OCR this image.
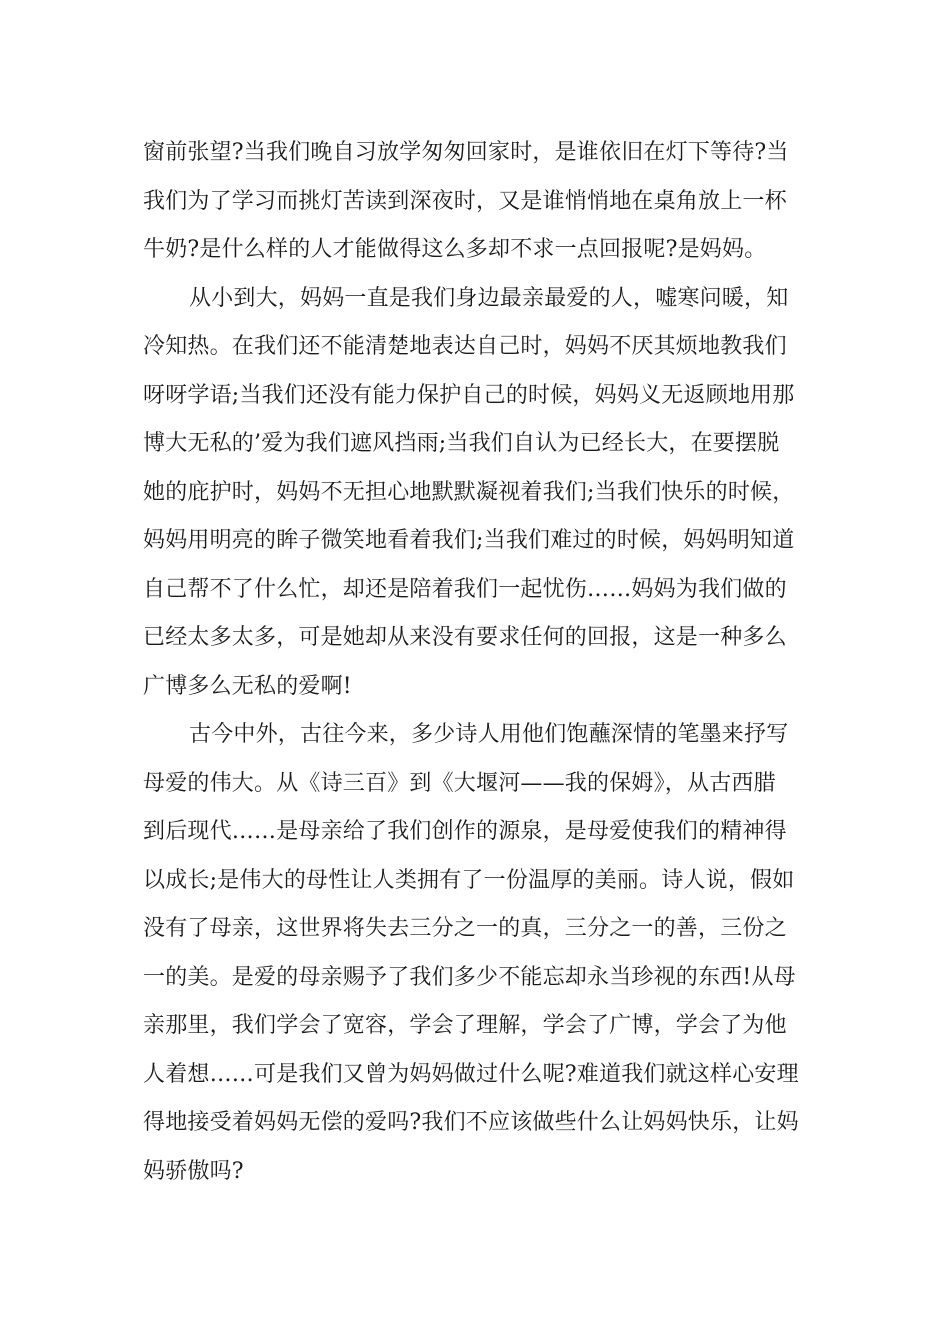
窗前张望?当我们晚自习放学匆匆回家时，是谁依旧在灯下等待?当
我们为了学习而挑灯苦读到深夜时，又是谁悄悄地在桌角放上一杯
牛奶?是什么样的人才能做得这么多却不求一点回报呢?是妈妈。
从小到大，妈妈一直是我们身边最亲最爱的人，嘘寒问暖，知
冷知热。在我们还不能清楚地表达自己时，妈妈不厌其烦地教我们
呀呀学语;当我们还没有能力保护自己的时候，妈妈义无返顾地用那
博大无私的’爱为我们遮风挡雨;当我们自认为已经长大，在要摆脱
她的庇护时，妈妈不无担心地默默凝视着我们;当我们快乐的时候，
妈妈用明亮的眸子微笑地看着我们;当我们难过的时候，妈妈明知道
自己帮不了什么忙，却还是陪着我们一起忧伤……妈妈为我们做的
已经太多太多，可是她却从来没有要求任何的回报，这是一种多么
广博多么无私的爱啊!
古今中外，古往今来，多少诗人用他们饱蘸深情的笔墨来抒写
母爱的伟大。从《诗三百》到《大堰河——我的保姆》，从古西腊
到后现代……是母亲给了我们创作的源泉，是母爱使我们的精神得
以成长;是伟大的母性让人类拥有了一份温厚的美丽。诗人说，假如
没有了母亲，这世界将失去三分之一的真，三分之一的善，三份之
一的美。是爱的母亲赐予了我们多少不能忘却永当珍视的东西!从母
亲那里，我们学会了宽容，学会了理解，学会了广博，学会了为他
人着想……可是我们又曾为妈妈做过什么呢?难道我们就这样心安理
得地接受着妈妈无偿的爱吗?我们不应该做些什么让妈妈快乐，让妈
妈骄傲吗?
